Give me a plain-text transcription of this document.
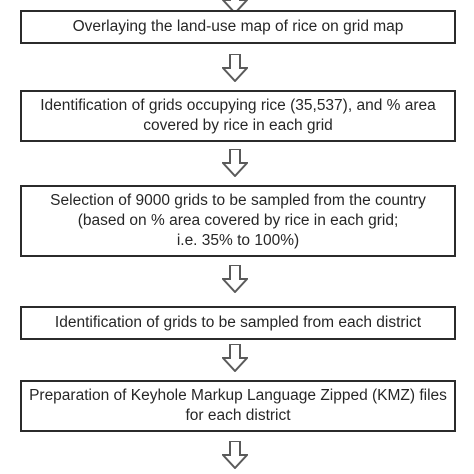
Overlaying the land-use map of rice on grid map
Identification of grids occupying rice (35,537), and % area
covered by rice in each grid
Selection of 9000 grids to be sampled from the country
(based on % area covered by rice in each grid;
i.e. 35% to 100%)
Identification of grids to be sampled from each district
Preparation of Keyhole Markup Language Zipped (KMZ) files
for each district
